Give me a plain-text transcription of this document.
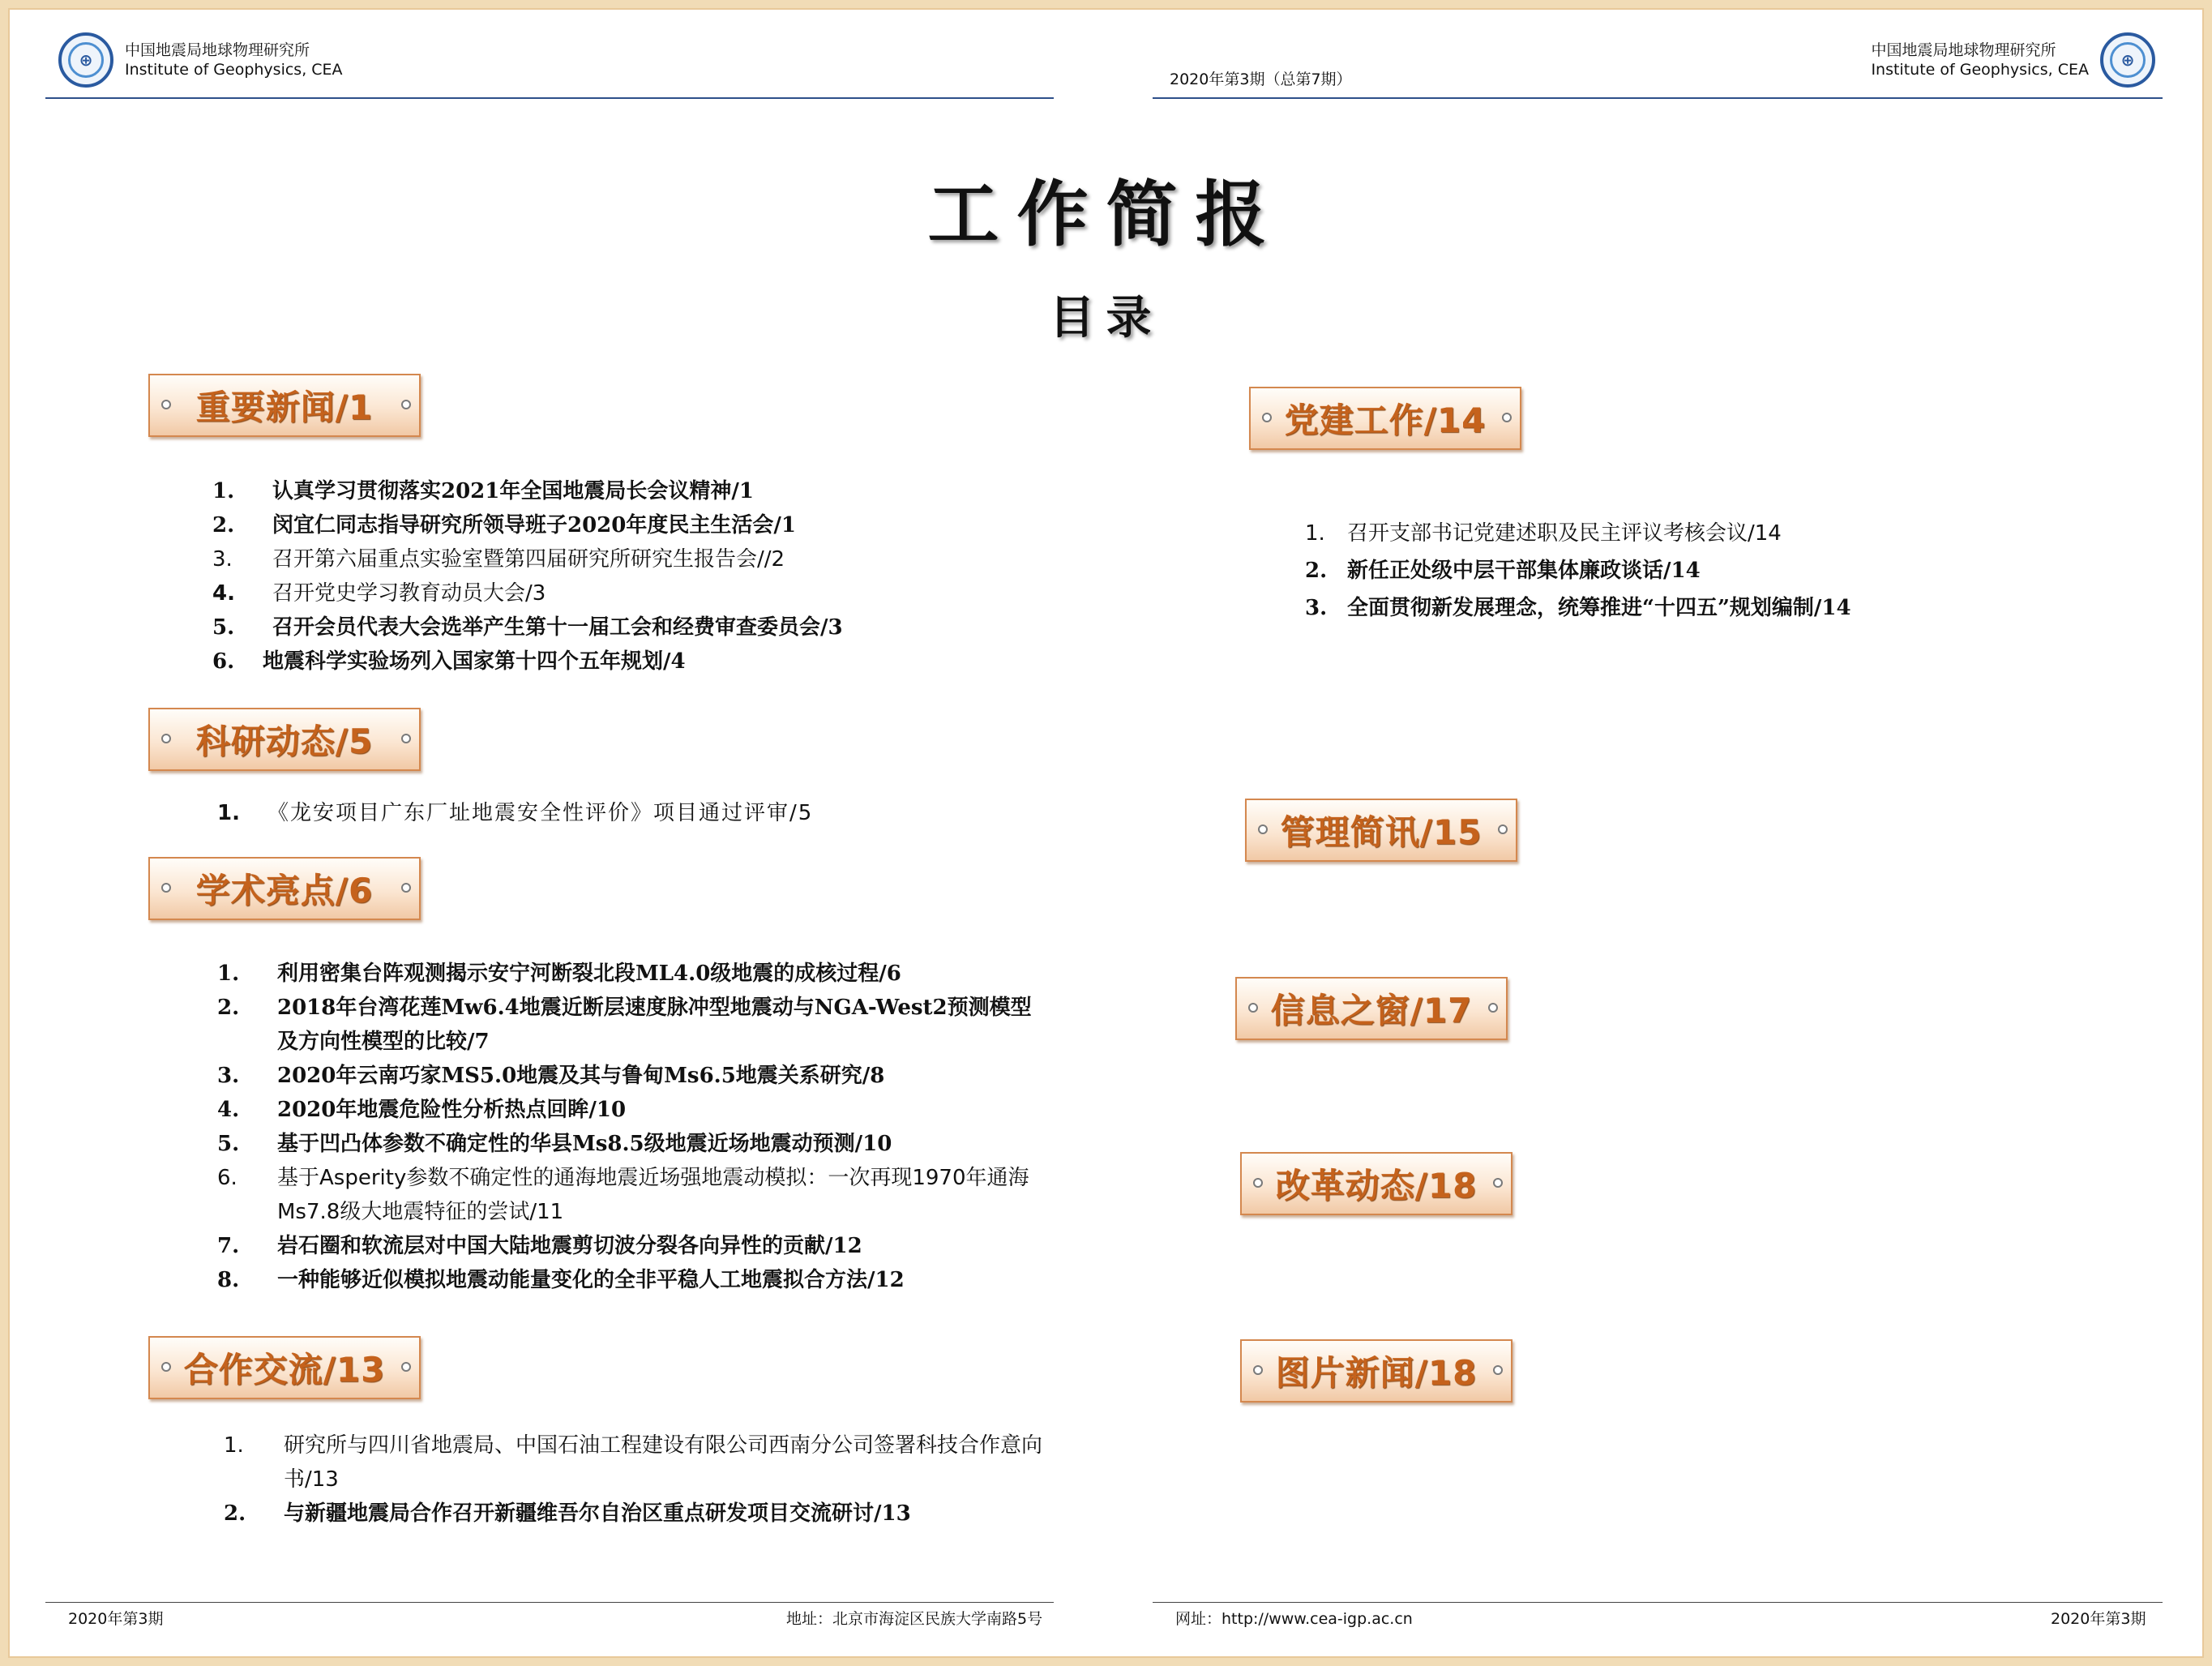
⊕	中国地震局地球物理研究所
Institute of Geophysics, CEA
2020年第3期（总第7期）
中国地震局地球物理研究所
Institute of Geophysics, CEA	⊕
工作简报
目录
重要新闻/1
1.	认真学习贯彻落实2021年全国地震局长会议精神/1
2.	闵宜仁同志指导研究所领导班子2020年度民主生活会/1
3.	召开第六届重点实验室暨第四届研究所研究生报告会//2
4.	召开党史学习教育动员大会/3
5.	召开会员代表大会选举产生第十一届工会和经费审查委员会/3
6.	地震科学实验场列入国家第十四个五年规划/4
科研动态/5
1.	《龙安项目广东厂址地震安全性评价》项目通过评审/5
学术亮点/6
1.	利用密集台阵观测揭示安宁河断裂北段ML4.0级地震的成核过程/6
2.	2018年台湾花莲Mw6.4地震近断层速度脉冲型地震动与NGA-West2预测模型及方向性模型的比较/7
3.	2020年云南巧家MS5.0地震及其与鲁甸Ms6.5地震关系研究/8
4.	2020年地震危险性分析热点回眸/10
5.	基于凹凸体参数不确定性的华县Ms8.5级地震近场地震动预测/10
6.	基于Asperity参数不确定性的通海地震近场强地震动模拟：一次再现1970年通海Ms7.8级大地震特征的尝试/11
7.	岩石圈和软流层对中国大陆地震剪切波分裂各向异性的贡献/12
8.	一种能够近似模拟地震动能量变化的全非平稳人工地震拟合方法/12
合作交流/13
1.	研究所与四川省地震局、中国石油工程建设有限公司西南分公司签署科技合作意向书/13
2.	与新疆地震局合作召开新疆维吾尔自治区重点研发项目交流研讨/13
党建工作/14
1.	召开支部书记党建述职及民主评议考核会议/14
2. 新任正处级中层干部集体廉政谈话/14
3. 全面贯彻新发展理念，统筹推进“十四五”规划编制/14
管理简讯/15
信息之窗/17
改革动态/18
图片新闻/18
2020年第3期	地址：北京市海淀区民族大学南路5号	网址：http://www.cea-igp.ac.cn	2020年第3期
